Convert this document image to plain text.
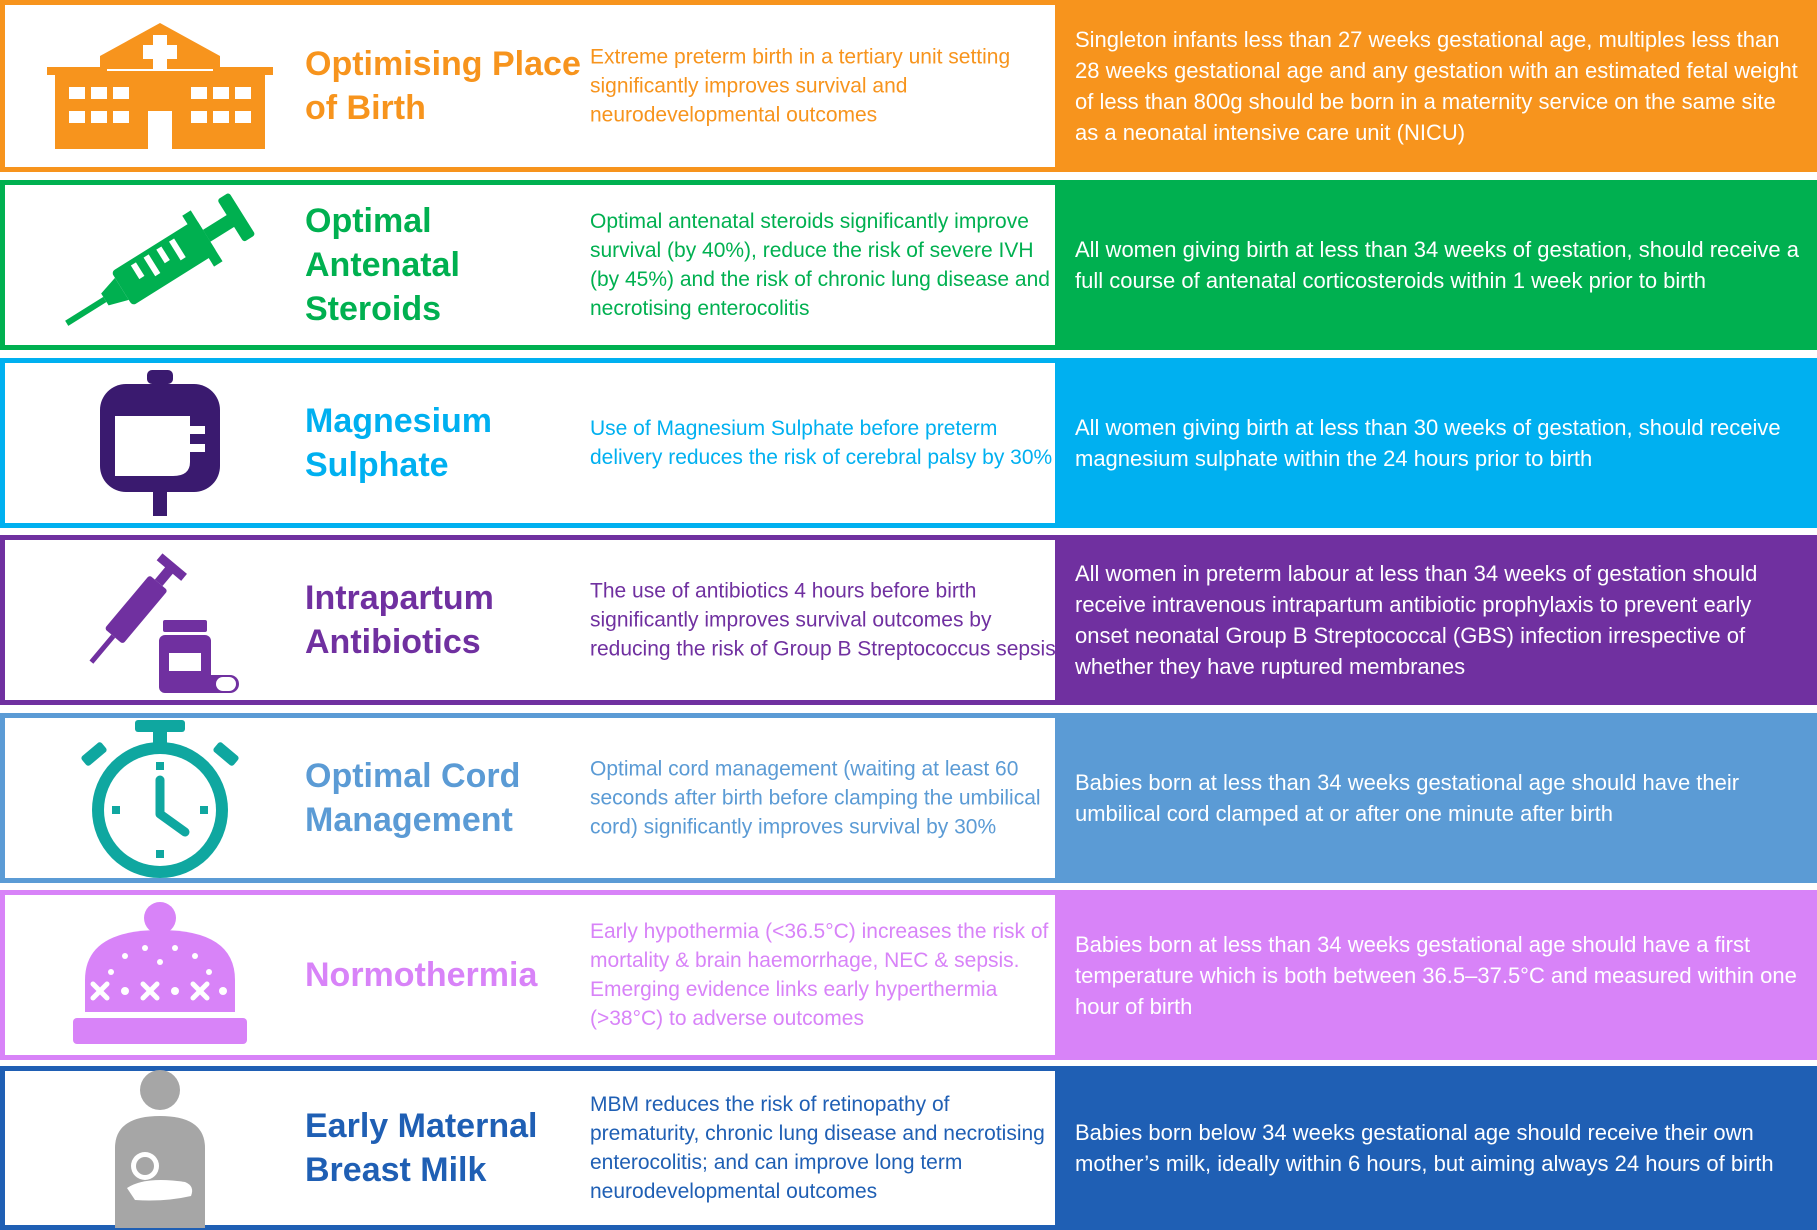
Optimising Place of Birth
Extreme preterm birth in a tertiary unit setting significantly improves survival and neurodevelopmental outcomes
Singleton infants less than 27 weeks gestational age, multiples less than 28 weeks gestational age and any gestation with an estimated fetal weight of less than 800g should be born in a maternity service on the same site as a neonatal intensive care unit (NICU)
Optimal Antenatal Steroids
Optimal antenatal steroids significantly improve survival (by 40%), reduce the risk of severe IVH (by 45%) and the risk of chronic lung disease and necrotising enterocolitis
All women giving birth at less than 34 weeks of gestation, should receive a full course of antenatal corticosteroids within 1 week prior to birth
Magnesium Sulphate
Use of Magnesium Sulphate before preterm delivery reduces the risk of cerebral palsy by 30%
All women giving birth at less than 30 weeks of gestation, should receive magnesium sulphate within the 24 hours prior to birth
Intrapartum Antibiotics
The use of antibiotics 4 hours before birth significantly improves survival outcomes by reducing the risk of Group B Streptococcus sepsis
All women in preterm labour at less than 34 weeks of gestation should receive intravenous intrapartum antibiotic prophylaxis to prevent early onset neonatal Group B Streptococcal (GBS) infection irrespective of whether they have ruptured membranes
Optimal Cord Management
Optimal cord management (waiting at least 60 seconds after birth before clamping the umbilical cord) significantly improves survival by 30%
Babies born at less than 34 weeks gestational age should have their umbilical cord clamped at or after one minute after birth
Normothermia
Early hypothermia (<36.5°C) increases the risk of mortality & brain haemorrhage, NEC & sepsis. Emerging evidence links early hyperthermia (>38°C) to adverse outcomes
Babies born at less than 34 weeks gestational age should have a first temperature which is both between 36.5–37.5°C and measured within one hour of birth
Early Maternal Breast Milk
MBM reduces the risk of retinopathy of prematurity, chronic lung disease and necrotising enterocolitis; and can improve long term neurodevelopmental outcomes
Babies born below 34 weeks gestational age should receive their own mother’s milk, ideally within 6 hours, but aiming always 24 hours of birth
